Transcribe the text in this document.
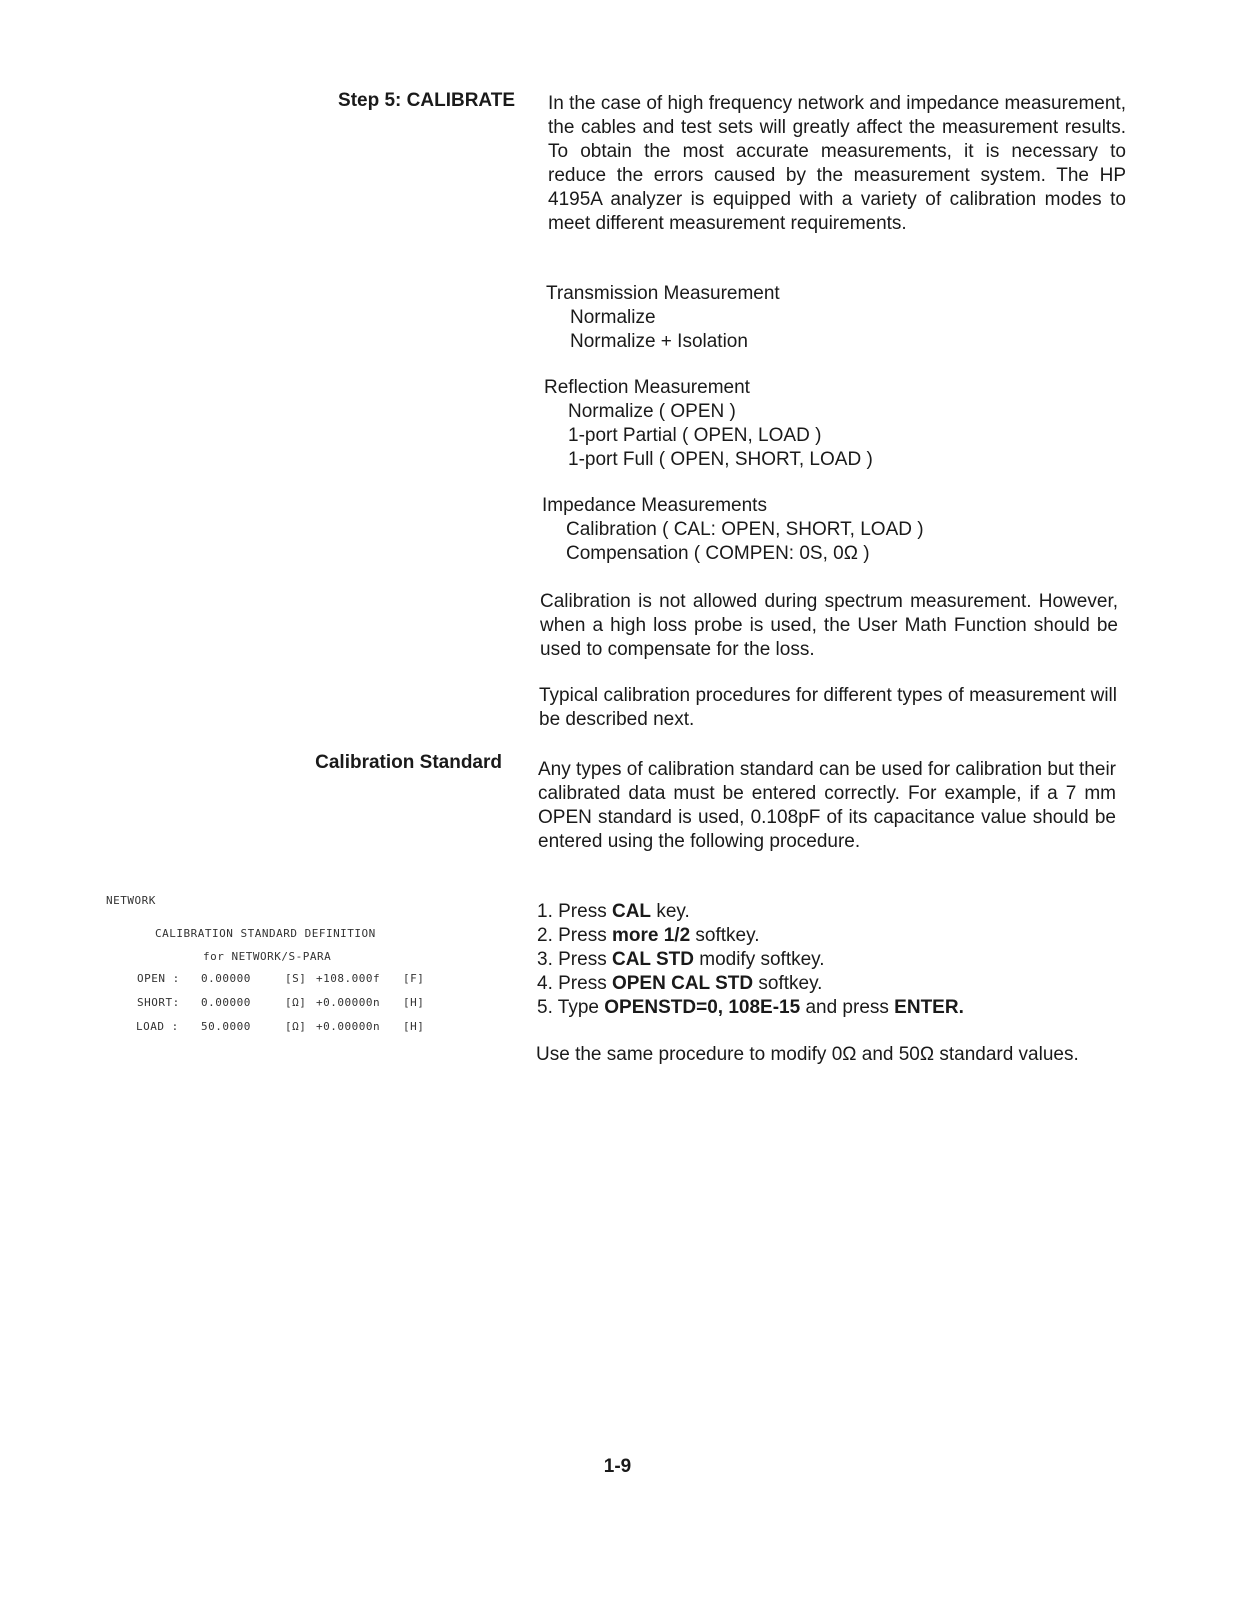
Step 5: CALIBRATE In the case of high frequency network and impedance measurement, the cables and test sets will greatly affect the measurement results. To obtain the most accurate measurements, it is necessary to reduce the errors caused by the measurement system. The HP 4195A analyzer is equipped with a variety of calibration modes to meet different measurement requirements.

Transmission Measurement
Normalize
Normalize + Isolation
Reflection Measurement
Normalize ( OPEN )
1-port Partial ( OPEN, LOAD )
1-port Full ( OPEN, SHORT, LOAD )
Impedance Measurements
Calibration ( CAL: OPEN, SHORT, LOAD )
Compensation ( COMPEN: 0S, 0Ω )

Calibration is not allowed during spectrum measurement. However, when a high loss probe is used, the User Math Function should be used to compensate for the loss.

Typical calibration procedures for different types of measurement will be described next.

Calibration Standard Any types of calibration standard can be used for calibration but their calibrated data must be entered correctly. For example, if a 7 mm OPEN standard is used, 0.108pF of its capacitance value should be entered using the following procedure.

1. Press CAL key.
2. Press more 1/2 softkey.
3. Press CAL STD modify softkey.
4. Press OPEN CAL STD softkey.
5. Type OPENSTD=0, 108E-15 and press ENTER.

Use the same procedure to modify 0Ω and 50Ω standard values.

NETWORK
CALIBRATION STANDARD DEFINITION
for NETWORK/S-PARA
OPEN : 0.00000	[S] +108.000f [F]
SHORT: 0.00000	[Ω] +0.00000n [H]
LOAD : 50.0000	[Ω] +0.00000n [H]
1-9
